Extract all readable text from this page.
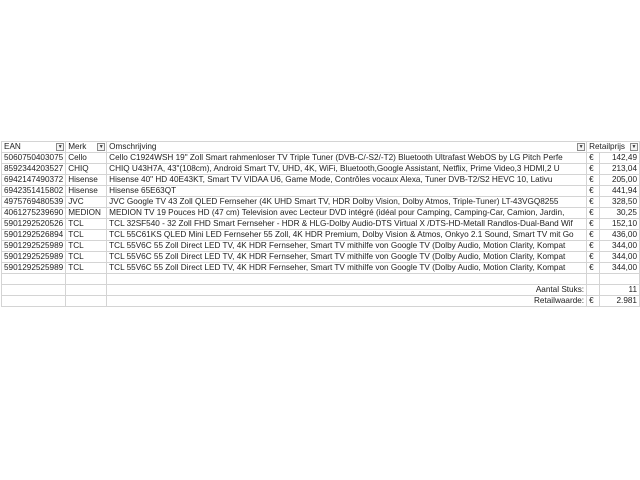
EAN ▼	Merk ▼	Omschrijving ▼	Retailprijs ▼	

5060750403075	Cello	Cello C1924WSH 19" Zoll Smart rahmenloser TV Triple Tuner (DVB-C/-S2/-T2) Bluetooth Ultrafast WebOS by LG Pitch Perfe	€	142,49
8592344203527	CHIQ	CHIQ U43H7A, 43"(108cm), Android Smart TV, UHD, 4K, WiFi, Bluetooth,Google Assistant, Netflix, Prime Video,3 HDMI,2 U	€	213,04
6942147490372	Hisense	Hisense 40" HD 40E43KT, Smart TV VIDAA U6, Game Mode, Contrôles vocaux Alexa, Tuner DVB-T2/S2 HEVC 10, Lativu	€	205,00
6942351415802	Hisense	Hisense 65E63QT	€	441,94
4975769480539	JVC	JVC Google TV 43 Zoll QLED Fernseher (4K UHD Smart TV, HDR Dolby Vision, Dolby Atmos, Triple-Tuner) LT-43VGQ8255	€	328,50
4061275239690	MEDION	MEDION TV 19 Pouces HD (47 cm) Television avec Lecteur DVD intégré (idéal pour Camping, Camping-Car, Camion, Jardin,	€	30,25
5901292520526	TCL	TCL 32SF540 - 32 Zoll FHD Smart Fernseher - HDR & HLG-Dolby Audio-DTS Virtual X /DTS-HD-Metall Randlos-Dual-Band Wif	€	152,10
5901292526894	TCL	TCL 55C61KS QLED Mini LED Fernseher 55 Zoll, 4K HDR Premium, Dolby Vision & Atmos, Onkyo 2.1 Sound, Smart TV mit Go	€	436,00
5901292525989	TCL	TCL 55V6C 55 Zoll Direct LED TV, 4K HDR Fernseher, Smart TV mithilfe von Google TV (Dolby Audio, Motion Clarity, Kompat	€	344,00
5901292525989	TCL	TCL 55V6C 55 Zoll Direct LED TV, 4K HDR Fernseher, Smart TV mithilfe von Google TV (Dolby Audio, Motion Clarity, Kompat	€	344,00
5901292525989	TCL	TCL 55V6C 55 Zoll Direct LED TV, 4K HDR Fernseher, Smart TV mithilfe von Google TV (Dolby Audio, Motion Clarity, Kompat	€	344,00

		Aantal Stuks:		11
		Retailwaarde:	€	2.981
